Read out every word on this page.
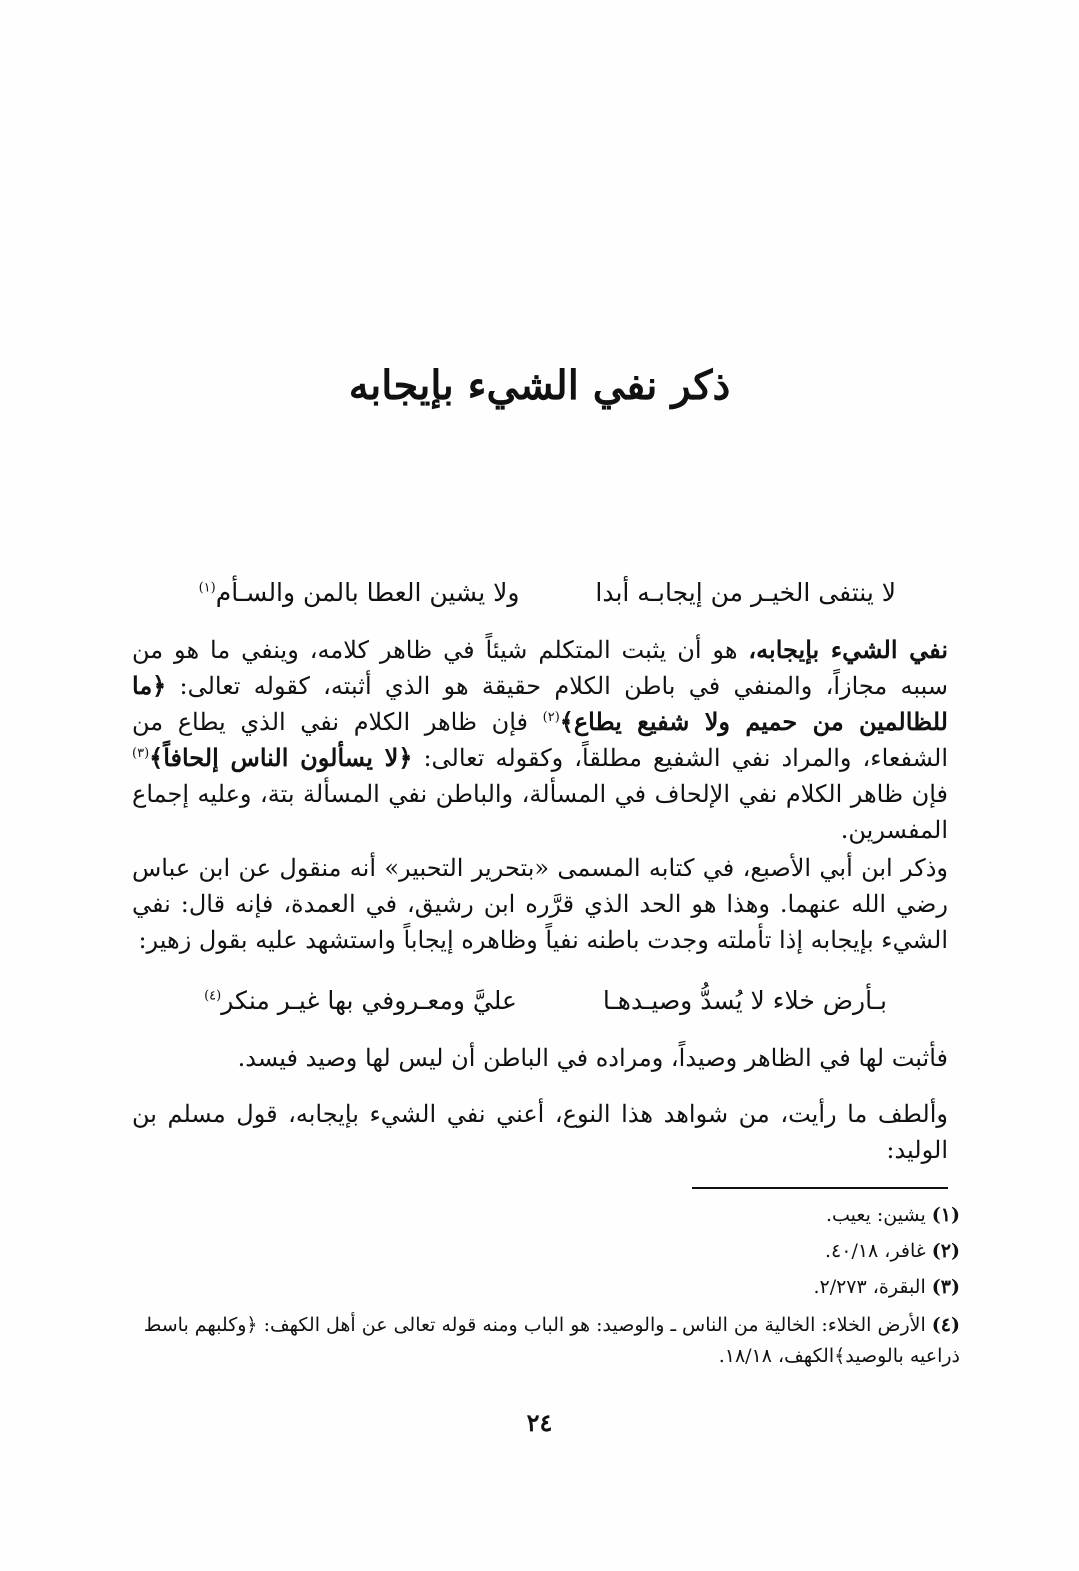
ذكر نفي الشيء بإيجابه
لا ينتفى الخيـر من إيجابـه أبدا  ولا يشين العطا بالمن والسـأم$^{(١)}$
نفي الشيء بإيجابه، هو أن يثبت المتكلم شيئاً في ظاهر كلامه، وينفي ما هو من سببه مجازاً، والمنفي في باطن الكلام حقيقة هو الذي أثبته، كقوله تعالى: ﴿ما للظالمين من حميم ولا شفيع يطاع﴾$^{(٢)}$ فإن ظاهر الكلام نفي الذي يطاع من الشفعاء، والمراد نفي الشفيع مطلقاً، وكقوله تعالى: ﴿لا يسألون الناس إلحافاً﴾$^{(٣)}$ فإن ظاهر الكلام نفي الإلحاف في المسألة، والباطن نفي المسألة بتة، وعليه إجماع المفسرين.
وذكر ابن أبي الأصبع، في كتابه المسمى «بتحرير التحبير» أنه منقول عن ابن عباس رضي الله عنهما. وهذا هو الحد الذي قرَّره ابن رشيق، في العمدة، فإنه قال: نفي الشيء بإيجابه إذا تأملته وجدت باطنه نفياً وظاهره إيجاباً واستشهد عليه بقول زهير:
بـأرض خلاء لا يُسدُّ وصيـدهـا  عليَّ ومعـروفي بها غيـر منكر$^{(٤)}$
فأثبت لها في الظاهر وصيداً، ومراده في الباطن أن ليس لها وصيد فيسد.
وألطف ما رأيت، من شواهد هذا النوع، أعني نفي الشيء بإيجابه، قول مسلم بن الوليد:
(١) يشين: يعيب.
(٢) غافر، ٤٠/١٨.
(٣) البقرة، ٢/٢٧٣.
(٤) الأرض الخلاء: الخالية من الناس ـ والوصيد: هو الباب ومنه قوله تعالى عن أهل الكهف: ﴿وكلبهم باسط ذراعيه بالوصيد﴾الكهف، ١٨/١٨.
٢٤
